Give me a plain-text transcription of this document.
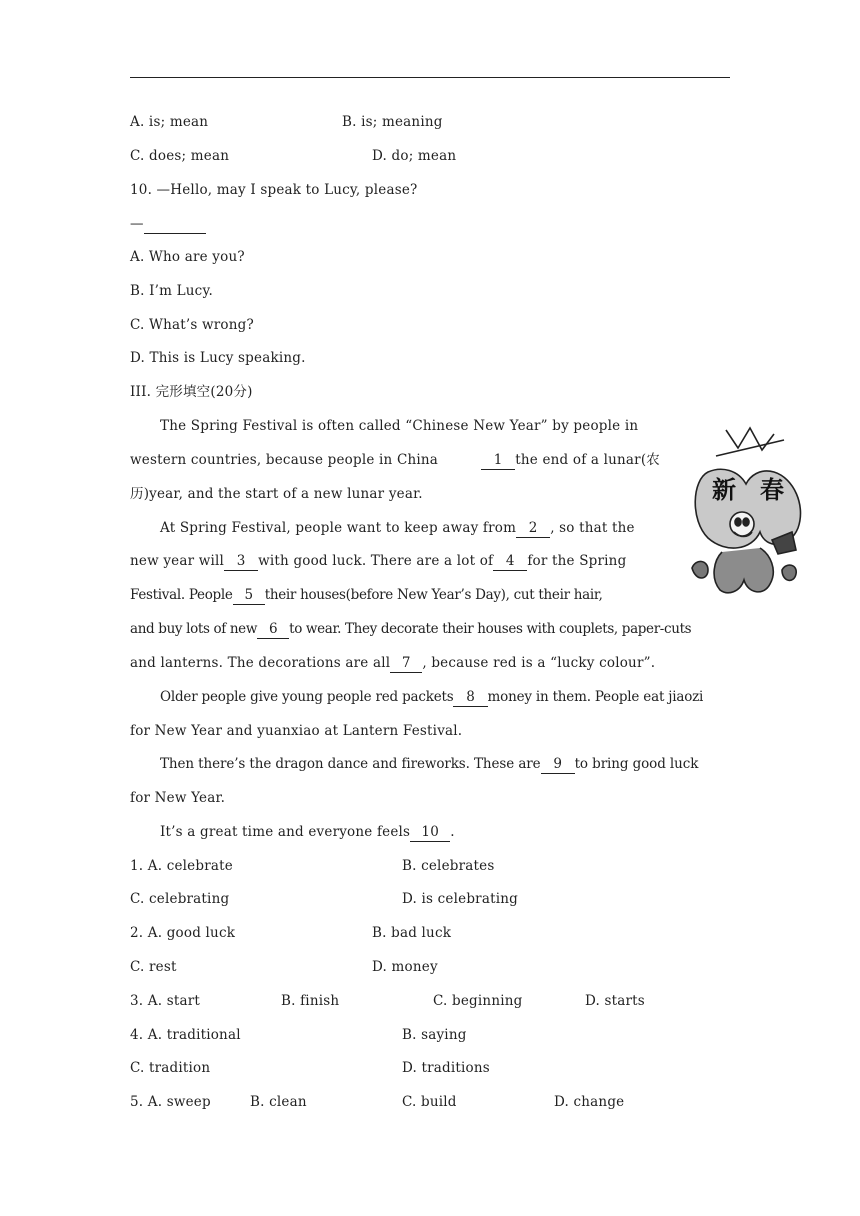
A. is; mean	B. is; meaning
C. does; mean	D. do; mean
10. —Hello, may I speak to Lucy, please?
—
A. Who are you?
B. I’m Lucy.
C. What’s wrong?
D. This is Lucy speaking.
III. 完形填空(20分)
The Spring Festival is often called “Chinese New Year” by people in
western countries, because people in China	1 the end of a lunar(农
历)year, and the start of a new lunar year.
At Spring Festival, people want to keep away from 2 , so that the
new year will 3 with good luck. There are a lot of 4 for the Spring
Festival. People 5 their houses(before New Year’s Day), cut their hair,
and buy lots of new 6 to wear. They decorate their houses with couplets, paper-cuts
and lanterns. The decorations are all 7 , because red is a “lucky colour”.
Older people give young people red packets 8 money in them. People eat jiaozi
for New Year and yuanxiao at Lantern Festival.
Then there’s the dragon dance and fireworks. These are 9 to bring good luck
for New Year.
It’s a great time and everyone feels 10 .
新 春
1. A. celebrate	B. celebrates
C. celebrating	D. is celebrating
2. A. good luck	B. bad luck
C. rest	D. money
3. A. start	B. finish	C. beginning	D. starts
4. A. traditional	B. saying
C. tradition	D. traditions
5. A. sweep	B. clean	C. build	D. change
